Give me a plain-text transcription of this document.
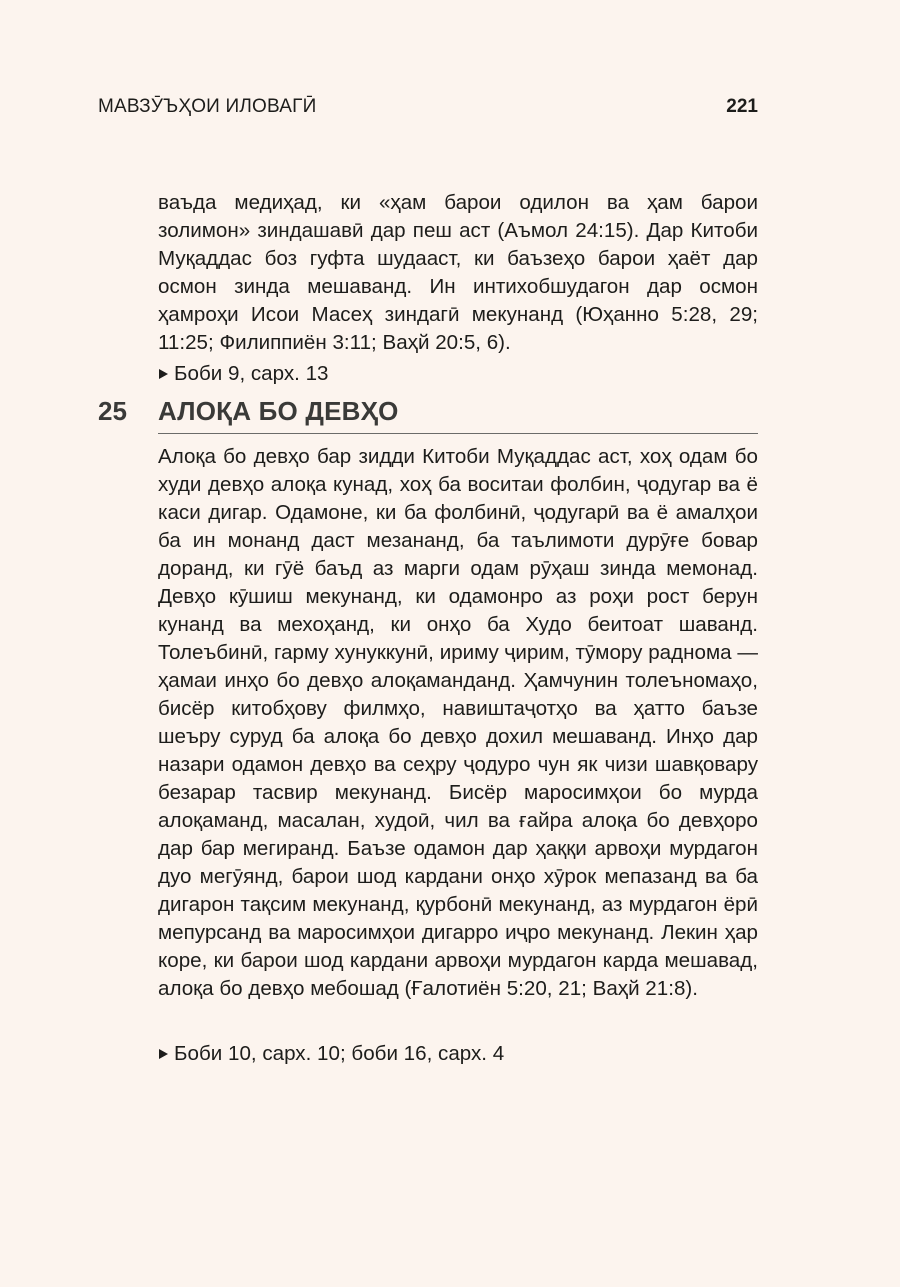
МАВЗӮЪҲОИ ИЛОВАГӢ	221
ваъда медиҳад, ки «ҳам барои одилон ва ҳам барои золимон» зиндашавӣ дар пеш аст (Аъмол 24:15). Дар Китоби Муқаддас боз гуфта шудааст, ки баъзеҳо барои ҳаёт дар осмон зинда мешаванд. Ин интихобшудагон дар осмон ҳамроҳи Исои Масеҳ зиндагӣ мекунанд (Юҳанно 5:28, 29; 11:25; Филиппиён 3:11; Ваҳй 20:5, 6).
Боби 9, сарх. 13
25 АЛОҚА БО ДЕВҲО
Алоқа бо девҳо бар зидди Китоби Муқаддас аст, хоҳ одам бо худи девҳо алоқа кунад, хоҳ ба воситаи фолбин, ҷодугар ва ё каси дигар. Одамоне, ки ба фолбинӣ, ҷодугарӣ ва ё амалҳои ба ин монанд даст мезананд, ба таълимоти дурӯғе бовар доранд, ки гӯё баъд аз марги одам рӯҳаш зинда мемонад. Девҳо кӯшиш мекунанд, ки одамонро аз роҳи рост берун кунанд ва мехоҳанд, ки онҳо ба Худо беитоат шаванд. Толеъбинӣ, гарму хунуккунӣ, ириму ҷирим, тӯмору радномa — ҳамаи инҳо бо девҳо алоқаманданд. Ҳамчунин толеъномаҳо, бисёр китобҳову филмҳо, навиштаҷотҳо ва ҳатто баъзе шеъру суруд ба алоқа бо девҳо дохил мешаванд. Инҳо дар назари одамон девҳо ва сеҳру ҷодуро чун як чизи шавқовару безарар тасвир мекунанд. Бисёр маросимҳои бо мурда алоқаманд, масалан, худоӣ, чил ва ғайра алоқа бо девҳоро дар бар мегиранд. Баъзе одамон дар ҳаққи арвоҳи мурдагон дуо мегӯянд, барои шод кардани онҳо хӯрок мепазанд ва ба дигарон тақсим мекунанд, қурбонӣ мекунанд, аз мурдагон ёрӣ мепурсанд ва маросимҳои дигарро иҷро мекунанд. Лекин ҳар коре, ки барои шод кардани арвоҳи мурдагон карда мешавад, алоқа бо девҳо мебошад (Ғалотиён 5:20, 21; Ваҳй 21:8).
Боби 10, сарх. 10; боби 16, сарх. 4
